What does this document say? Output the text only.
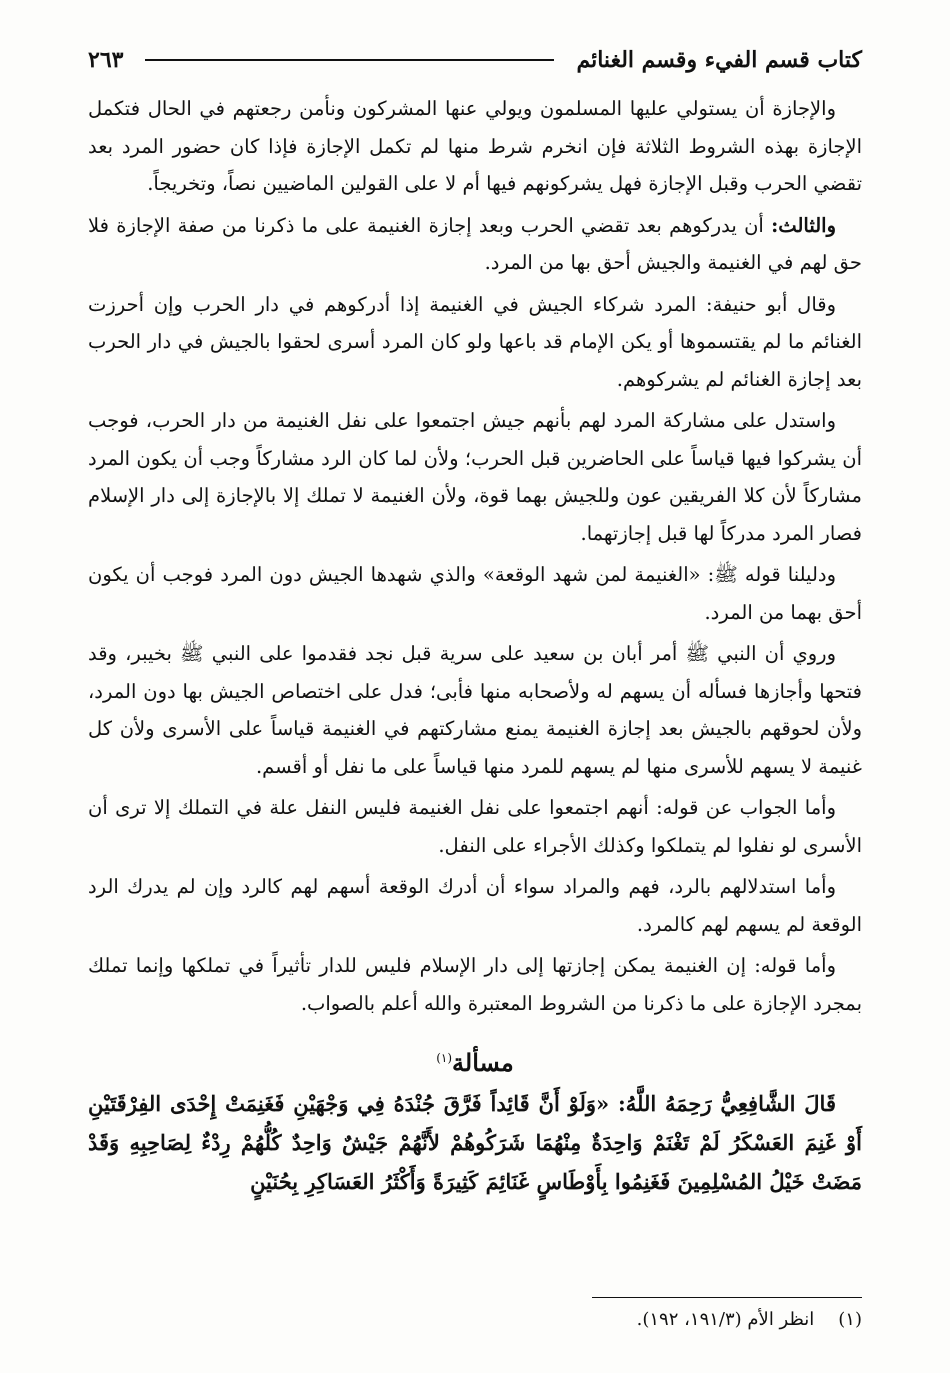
كتاب قسم الفيء وقسم الغنائم
٢٦٣

والإجازة أن يستولي عليها المسلمون ويولي عنها المشركون ونأمن رجعتهم في الحال فتكمل الإجازة بهذه الشروط الثلاثة فإن انخرم شرط منها لم تكمل الإجازة فإذا كان حضور المرد بعد تقضي الحرب وقبل الإجازة فهل يشركونهم فيها أم لا على القولين الماضيين نصاً، وتخريجاً.

والثالث: أن يدركوهم بعد تقضي الحرب وبعد إجازة الغنيمة على ما ذكرنا من صفة الإجازة فلا حق لهم في الغنيمة والجيش أحق بها من المرد.

وقال أبو حنيفة: المرد شركاء الجيش في الغنيمة إذا أدركوهم في دار الحرب وإن أحرزت الغنائم ما لم يقتسموها أو يكن الإمام قد باعها ولو كان المرد أسرى لحقوا بالجيش في دار الحرب بعد إجازة الغنائم لم يشركوهم.

واستدل على مشاركة المرد لهم بأنهم جيش اجتمعوا على نفل الغنيمة من دار الحرب، فوجب أن يشركوا فيها قياساً على الحاضرين قبل الحرب؛ ولأن لما كان الرد مشاركاً وجب أن يكون المرد مشاركاً لأن كلا الفريقين عون وللجيش بهما قوة، ولأن الغنيمة لا تملك إلا بالإجازة إلى دار الإسلام فصار المرد مدركاً لها قبل إجازتهما.

ودليلنا قوله ﷺ: «الغنيمة لمن شهد الوقعة» والذي شهدها الجيش دون المرد فوجب أن يكون أحق بهما من المرد.

وروي أن النبي ﷺ أمر أبان بن سعيد على سرية قبل نجد فقدموا على النبي ﷺ بخيبر، وقد فتحها وأجازها فسأله أن يسهم له ولأصحابه منها فأبى؛ فدل على اختصاص الجيش بها دون المرد، ولأن لحوقهم بالجيش بعد إجازة الغنيمة يمنع مشاركتهم في الغنيمة قياساً على الأسرى ولأن كل غنيمة لا يسهم للأسرى منها لم يسهم للمرد منها قياساً على ما نفل أو أقسم.

وأما الجواب عن قوله: أنهم اجتمعوا على نفل الغنيمة فليس النفل علة في التملك إلا ترى أن الأسرى لو نفلوا لم يتملكوا وكذلك الأجراء على النفل.

وأما استدلالهم بالرد، فهم والمراد سواء أن أدرك الوقعة أسهم لهم كالرد وإن لم يدرك الرد الوقعة لم يسهم لهم كالمرد.

وأما قوله: إن الغنيمة يمكن إجازتها إلى دار الإسلام فليس للدار تأثيراً في تملكها وإنما تملك بمجرد الإجازة على ما ذكرنا من الشروط المعتبرة والله أعلم بالصواب.

مسألة$^{(١)}$

قَالَ الشَّافِعِيُّ رَحِمَهُ اللَّهُ: «وَلَوْ أَنَّ قَائِداً فَرَّقَ جُنْدَهُ فِي وَجْهَيْنِ فَغَنِمَتْ إِحْدَى الفِرْقَتَيْنِ أَوْ غَنِمَ العَسْكَرُ لَمْ تَغْنَمْ وَاحِدَةٌ مِنْهُمَا شَرَكُوهُمْ لأَنَّهُمْ جَيْشٌ وَاحِدٌ كُلُّهُمْ رِدْءٌ لِصَاحِبِهِ وَقَدْ مَضَتْ خَيْلُ المُسْلِمِينَ فَغَنِمُوا بِأَوْطَاسٍ غَنَائِمَ كَثِيرَةً وَأَكْثَرُ العَسَاكِرِ بِحُنَيْنٍ

(١)انظر الأم (١٩١/٣، ١٩٢).
